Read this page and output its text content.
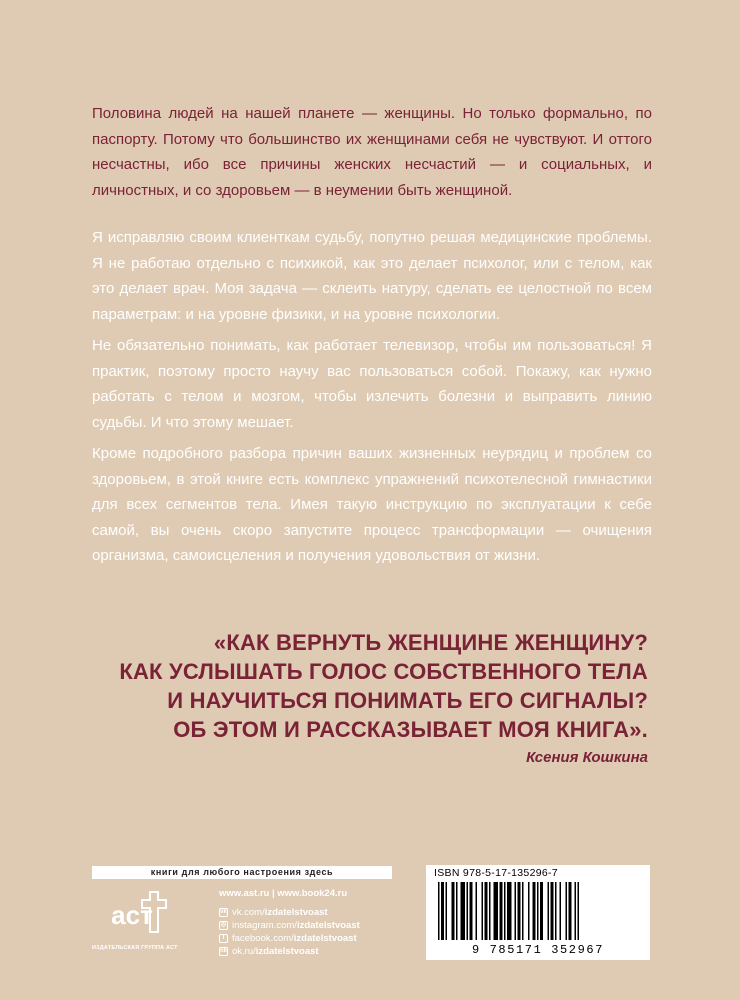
Половина людей на нашей планете — женщины. Но только формально, по паспорту. Потому что большинство их женщинами себя не чувствуют. И оттого несчастны, ибо все причины женских несчастий — и социальных, и личностных, и со здоровьем — в неумении быть женщиной.

Я исправляю своим клиенткам судьбу, попутно решая медицинские проблемы. Я не работаю отдельно с психикой, как это делает психолог, или с телом, как это делает врач. Моя задача — склеить натуру, сделать ее целостной по всем параметрам: и на уровне физики, и на уровне психологии.

Не обязательно понимать, как работает телевизор, чтобы им пользоваться! Я практик, поэтому просто научу вас пользоваться собой. Покажу, как нужно работать с телом и мозгом, чтобы излечить болезни и выправить линию судьбы. И что этому мешает.

Кроме подробного разбора причин ваших жизненных неурядиц и проблем со здоровьем, в этой книге есть комплекс упражнений психотелесной гимнастики для всех сегментов тела. Имея такую инструкцию по эксплуатации к себе самой, вы очень скоро запустите процесс трансформации — очищения организма, самоисцеления и получения удовольствия от жизни.

«КАК ВЕРНУТЬ ЖЕНЩИНЕ ЖЕНЩИНУ?
КАК УСЛЫШАТЬ ГОЛОС СОБСТВЕННОГО ТЕЛА
И НАУЧИТЬСЯ ПОНИМАТЬ ЕГО СИГНАЛЫ?
ОБ ЭТОМ И РАССКАЗЫВАЕТ МОЯ КНИГА».
Ксения Кошкина
книги для любого настроения здесь
aст
ИЗДАТЕЛЬСКАЯ ГРУППА АСТ
www.ast.ru | www.book24.ru
vk vk.com/izdatelstvoast
◎ instagram.com/izdatelstvoast
f facebook.com/izdatelstvoast
ok ok.ru/izdatelstvoast
ISBN 978-5-17-135296-7
9 785171 352967
